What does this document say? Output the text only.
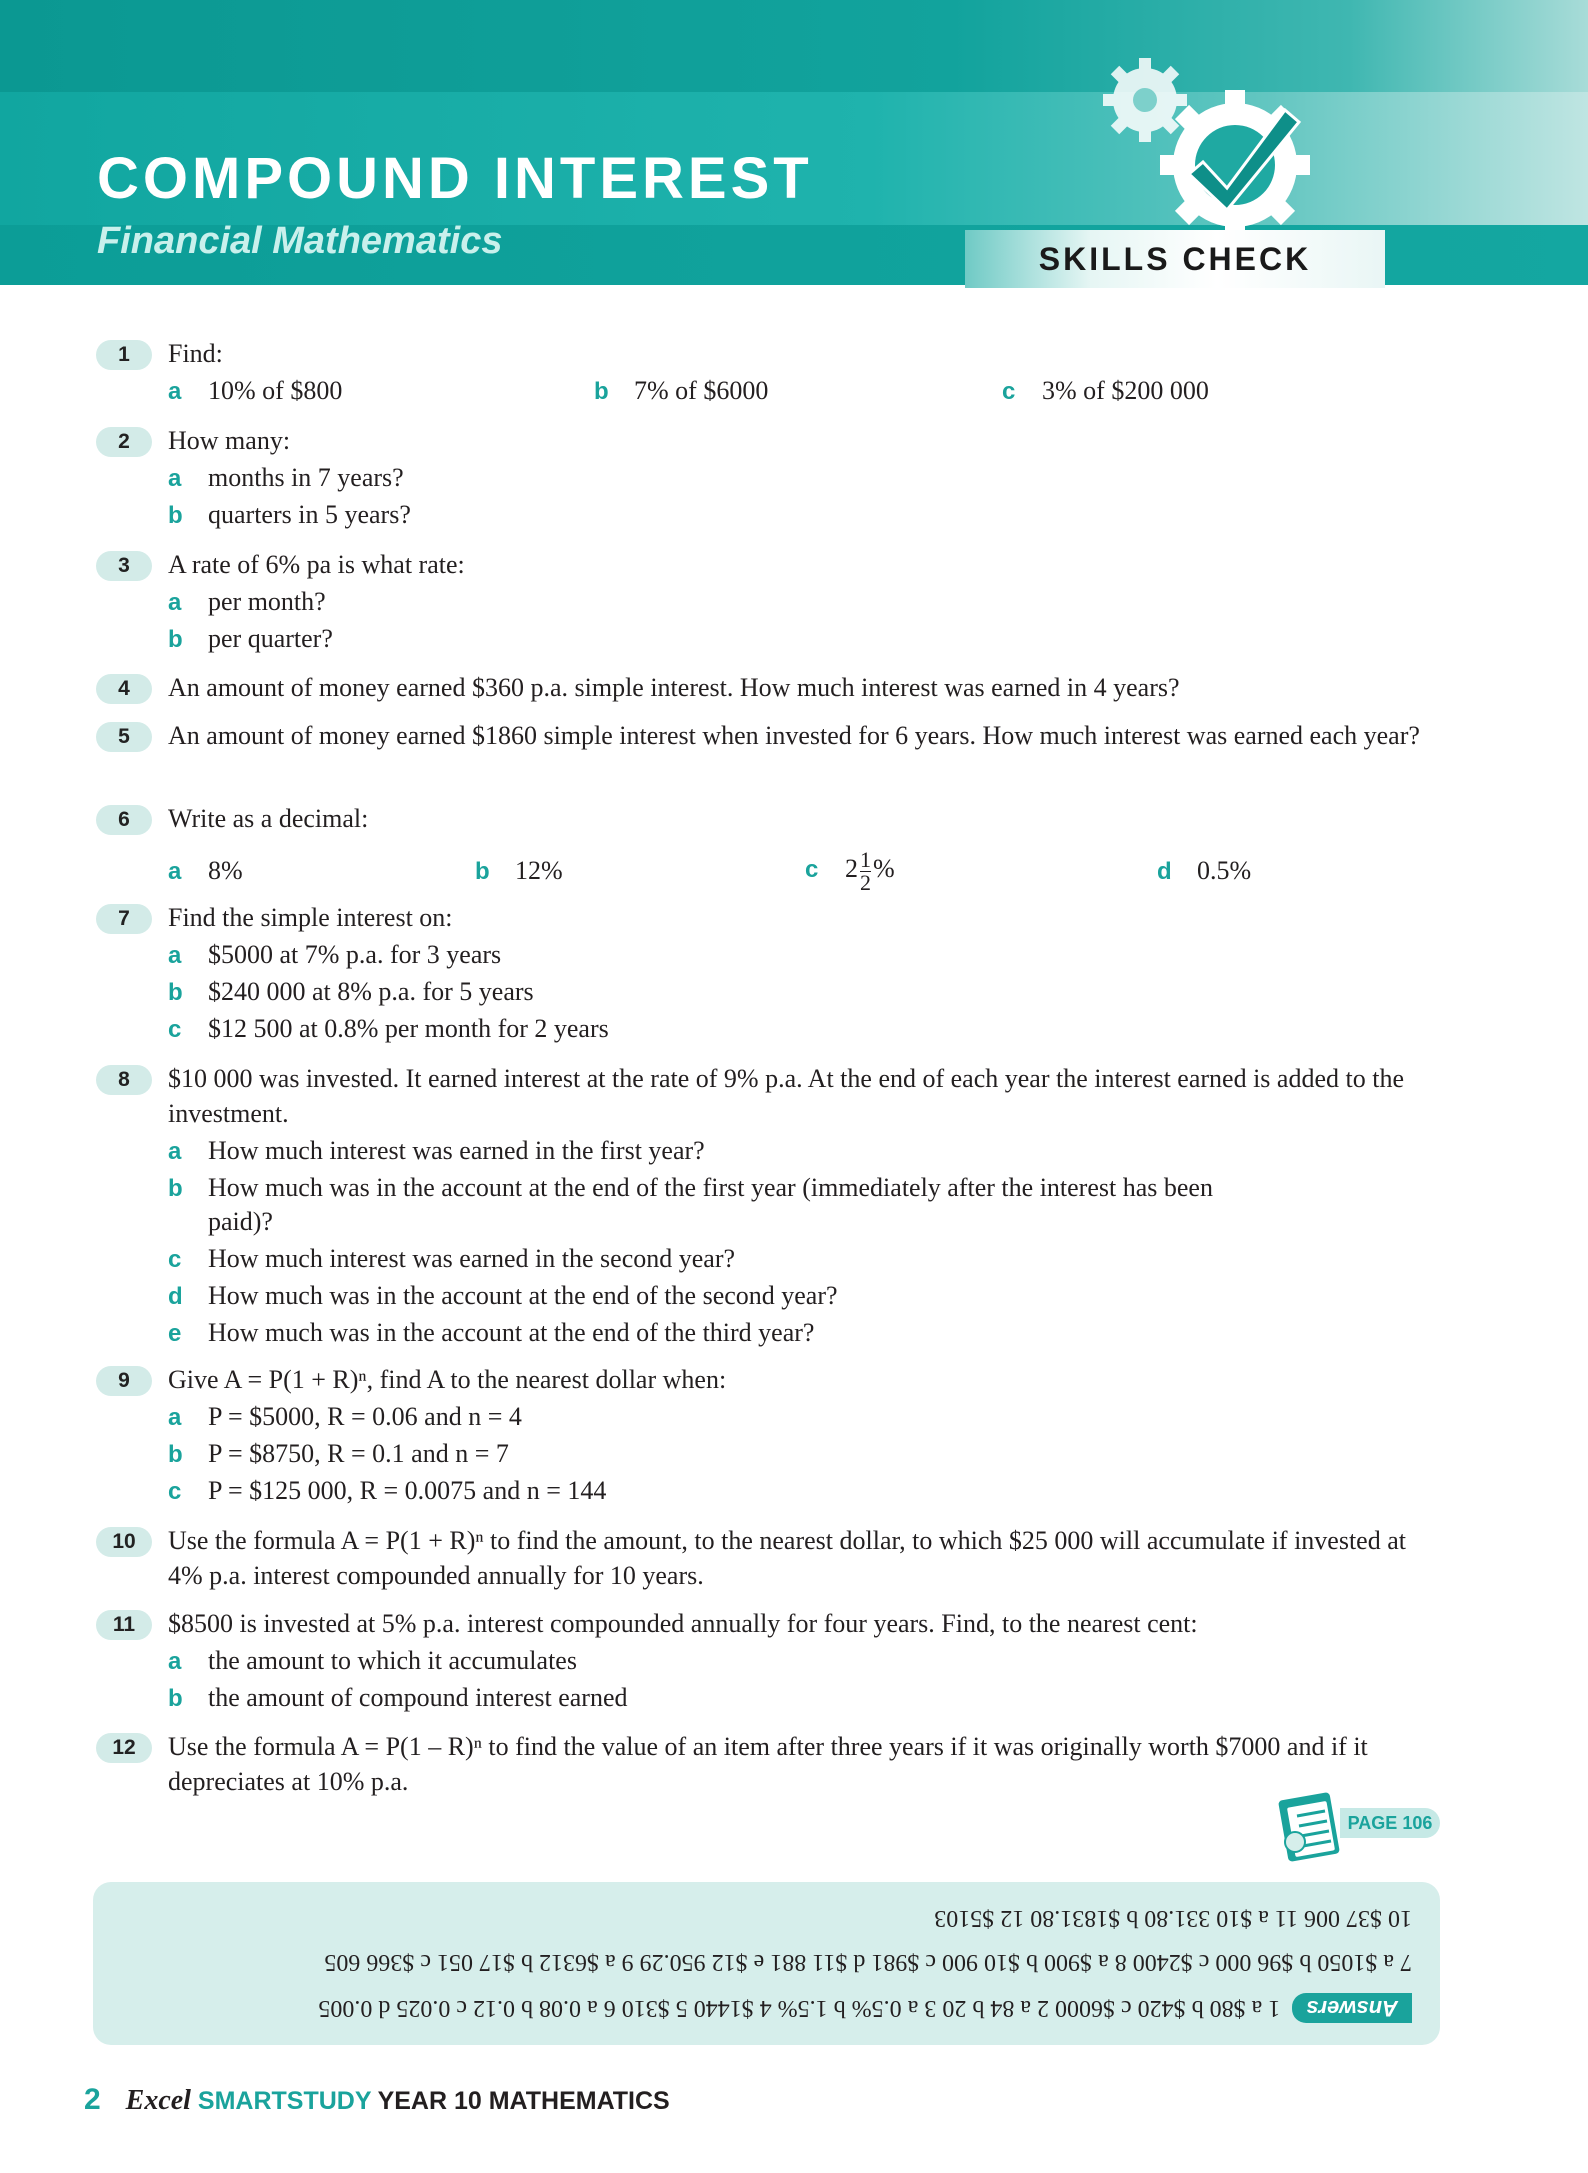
COMPOUND INTEREST
Financial Mathematics	SKILLS CHECK
1	Find:
a 10% of $800	b 7% of $6000	c 3% of $200 000
2	How many:
a months in 7 years?
b quarters in 5 years?
3	A rate of 6% pa is what rate:
a per month?
b per quarter?
4	An amount of money earned $360 p.a. simple interest. How much interest was earned in 4 years?
5	An amount of money earned $1860 simple interest when invested for 6 years. How much interest was earned each year?
6	Write as a decimal:
a 8%	b 12%	c $2 \frac{1}{2}$ %	d 0.5%
7	Find the simple interest on:
a $5000 at 7% p.a. for 3 years
b $240 000 at 8% p.a. for 5 years
c $12 500 at 0.8% per month for 2 years
8	$10 000 was invested. It earned interest at the rate of 9% p.a. At the end of each year the interest earned is added to the investment.
a How much interest was earned in the first year?
b How much was in the account at the end of the first year (immediately after the interest has been
paid)?
c How much interest was earned in the second year?
d How much was in the account at the end of the second year?
e How much was in the account at the end of the third year?
9	Give A = P(1 + R)ⁿ, find A to the nearest dollar when:
a P = $5000, R = 0.06 and n = 4
b P = $8750, R = 0.1 and n = 7
c P = $125 000, R = 0.0075 and n = 144
10	Use the formula A = P(1 + R)ⁿ to find the amount, to the nearest dollar, to which $25 000 will accumulate if invested at 4% p.a. interest compounded annually for 10 years.
11	$8500 is invested at 5% p.a. interest compounded annually for four years. Find, to the nearest cent:
a the amount to which it accumulates
b the amount of compound interest earned
12	Use the formula A = P(1 – R)ⁿ to find the value of an item after three years if it was originally worth $7000 and if it depreciates at 10% p.a.
PAGE 106
Answers1 a $80 b $420 c $6000 2 a 84 b 20 3 a 0.5% b 1.5% 4 $1440 5 $310 6 a 0.08 b 0.12 c 0.025 d 0.005
7 a $1050 b $96 000 c $2400 8 a $900 b $10 900 c $981 d $11 881 e $12 950.29 9 a $6312 b $17 051 c $366 605
10 $37 006 11 a $10 331.80 b $1831.80 12 $5103
2 Excel SMARTSTUDY YEAR 10 MATHEMATICS
